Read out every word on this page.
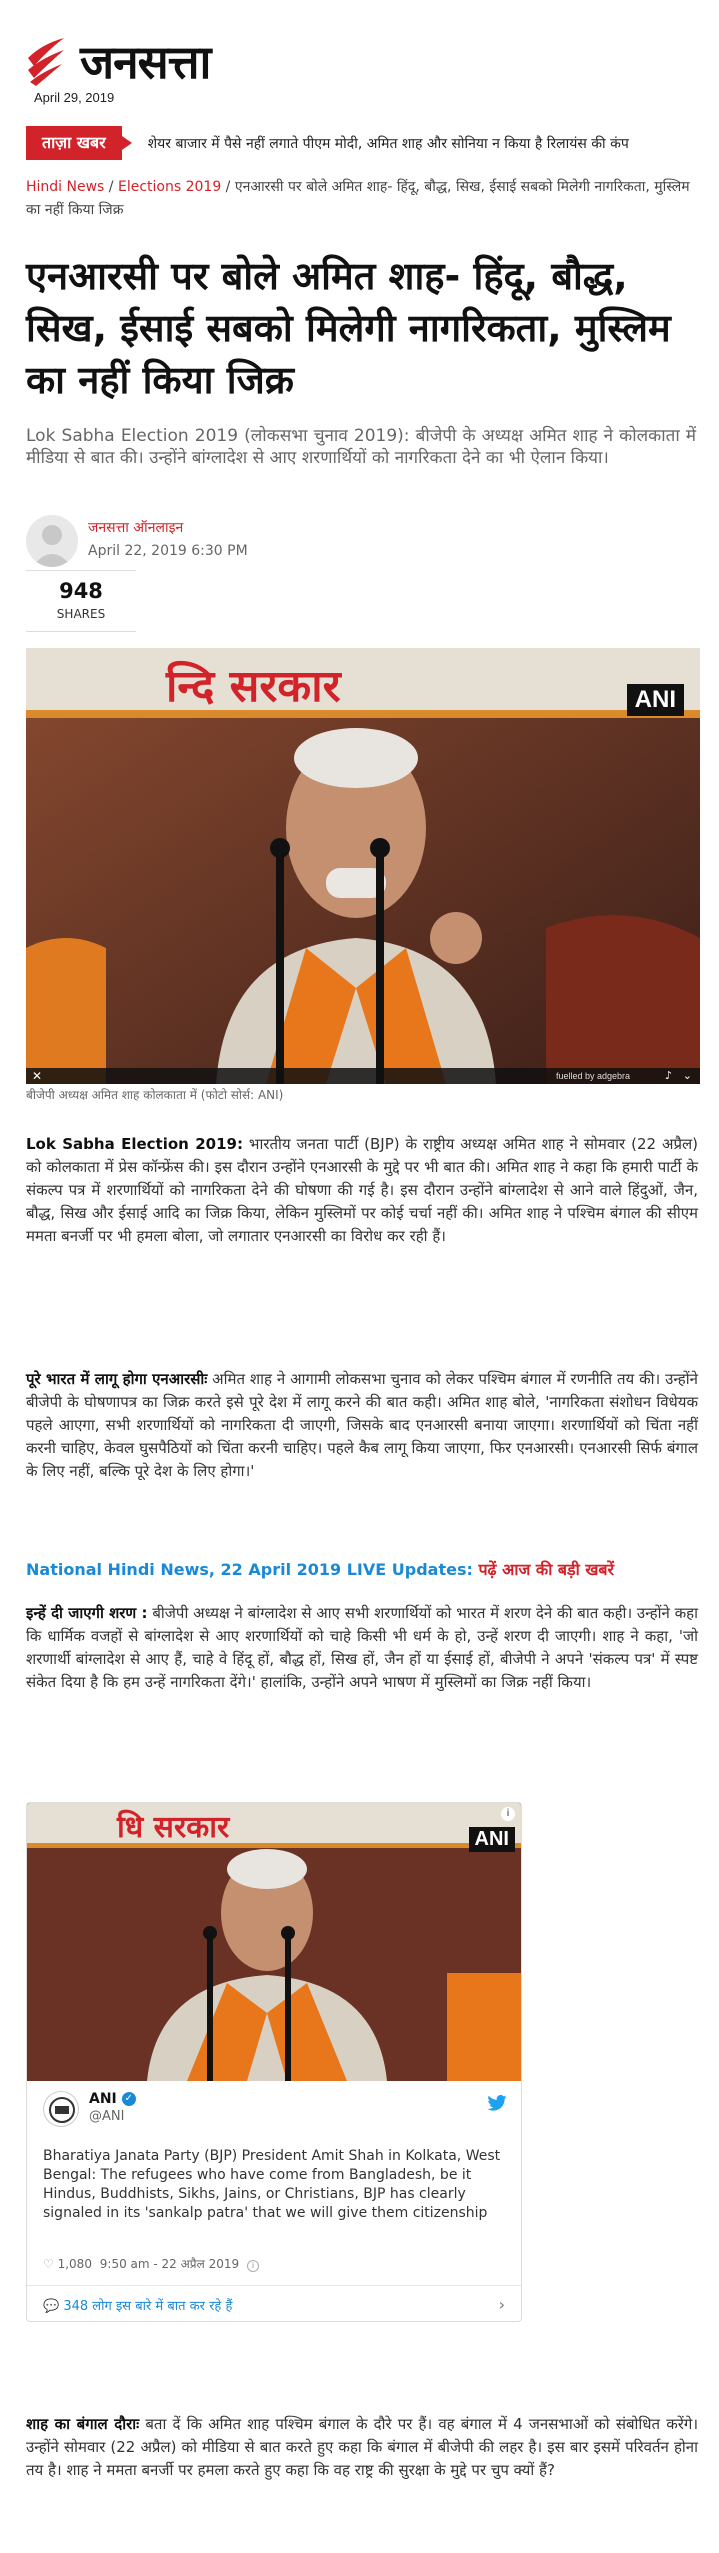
जनसत्ता
April 29, 2019
ताज़ा खबर	शेयर बाजार में पैसे नहीं लगाते पीएम मोदी, अमित शाह और सोनिया न किया है रिलायंस की कंप
Hindi News / Elections 2019 / एनआरसी पर बोले अमित शाह- हिंदू, बौद्ध, सिख, ईसाई सबको मिलेगी नागरिकता, मुस्लिम का नहीं किया जिक्र
एनआरसी पर बोले अमित शाह- हिंदू, बौद्ध, सिख, ईसाई सबको मिलेगी नागरिकता, मुस्लिम का नहीं किया जिक्र
Lok Sabha Election 2019 (लोकसभा चुनाव 2019): बीजेपी के अध्यक्ष अमित शाह ने कोलकाता में मीडिया से बात की। उन्होंने बांग्लादेश से आए शरणार्थियों को नागरिकता देने का भी ऐलान किया।
जनसत्ता ऑनलाइन
April 22, 2019 6:30 PM
948
SHARES
न्दि सरकार	ANI
✕	fuelled by adgebra	♪ ⌄
बीजेपी अध्यक्ष अमित शाह कोलकाता में (फोटो सोर्स: ANI)
Lok Sabha Election 2019: भारतीय जनता पार्टी (BJP) के राष्ट्रीय अध्यक्ष अमित शाह ने सोमवार (22 अप्रैल) को कोलकाता में प्रेस कॉन्फ्रेंस की। इस दौरान उन्होंने एनआरसी के मुद्दे पर भी बात की। अमित शाह ने कहा कि हमारी पार्टी के संकल्प पत्र में शरणार्थियों को नागरिकता देने की घोषणा की गई है। इस दौरान उन्होंने बांग्लादेश से आने वाले हिंदुओं, जैन, बौद्ध, सिख और ईसाई आदि का जिक्र किया, लेकिन मुस्लिमों पर कोई चर्चा नहीं की। अमित शाह ने पश्चिम बंगाल की सीएम ममता बनर्जी पर भी हमला बोला, जो लगातार एनआरसी का विरोध कर रही हैं।
पूरे भारत में लागू होगा एनआरसीः अमित शाह ने आगामी लोकसभा चुनाव को लेकर पश्चिम बंगाल में रणनीति तय की। उन्होंने बीजेपी के घोषणापत्र का जिक्र करते इसे पूरे देश में लागू करने की बात कही। अमित शाह बोले, 'नागरिकता संशोधन विधेयक पहले आएगा, सभी शरणार्थियों को नागरिकता दी जाएगी, जिसके बाद एनआरसी बनाया जाएगा। शरणार्थियों को चिंता नहीं करनी चाहिए, केवल घुसपैठियों को चिंता करनी चाहिए। पहले कैब लागू किया जाएगा, फिर एनआरसी। एनआरसी सिर्फ बंगाल के लिए नहीं, बल्कि पूरे देश के लिए होगा।'
National Hindi News, 22 April 2019 LIVE Updates: पढ़ें आज की बड़ी खबरें
इन्हें दी जाएगी शरण : बीजेपी अध्यक्ष ने बांग्लादेश से आए सभी शरणार्थियों को भारत में शरण देने की बात कही। उन्होंने कहा कि धार्मिक वजहों से बांग्लादेश से आए शरणार्थियों को चाहे किसी भी धर्म के हो, उन्हें शरण दी जाएगी। शाह ने कहा, 'जो शरणार्थी बांग्लादेश से आए हैं, चाहे वे हिंदू हों, बौद्ध हों, सिख हों, जैन हों या ईसाई हों, बीजेपी ने अपने 'संकल्प पत्र' में स्पष्ट संकेत दिया है कि हम उन्हें नागरिकता देंगे।' हालांकि, उन्होंने अपने भाषण में मुस्लिमों का जिक्र नहीं किया।
धि सरकार	ANI
i
ANI ✓
@ANI
Bharatiya Janata Party (BJP) President Amit Shah in Kolkata, West Bengal: The refugees who have come from Bangladesh, be it Hindus, Buddhists, Sikhs, Jains, or Christians, BJP has clearly signaled in its 'sankalp patra' that we will give them citizenship
♡ 1,080 9:50 am - 22 अप्रैल 2019 i
💬 348 लोग इस बारे में बात कर रहे हैं	›
शाह का बंगाल दौराः बता दें कि अमित शाह पश्चिम बंगाल के दौरे पर हैं। वह बंगाल में 4 जनसभाओं को संबोधित करेंगे। उन्होंने सोमवार (22 अप्रैल) को मीडिया से बात करते हुए कहा कि बंगाल में बीजेपी की लहर है। इस बार इसमें परिवर्तन होना तय है। शाह ने ममता बनर्जी पर हमला करते हुए कहा कि वह राष्ट्र की सुरक्षा के मुद्दे पर चुप क्यों हैं?
